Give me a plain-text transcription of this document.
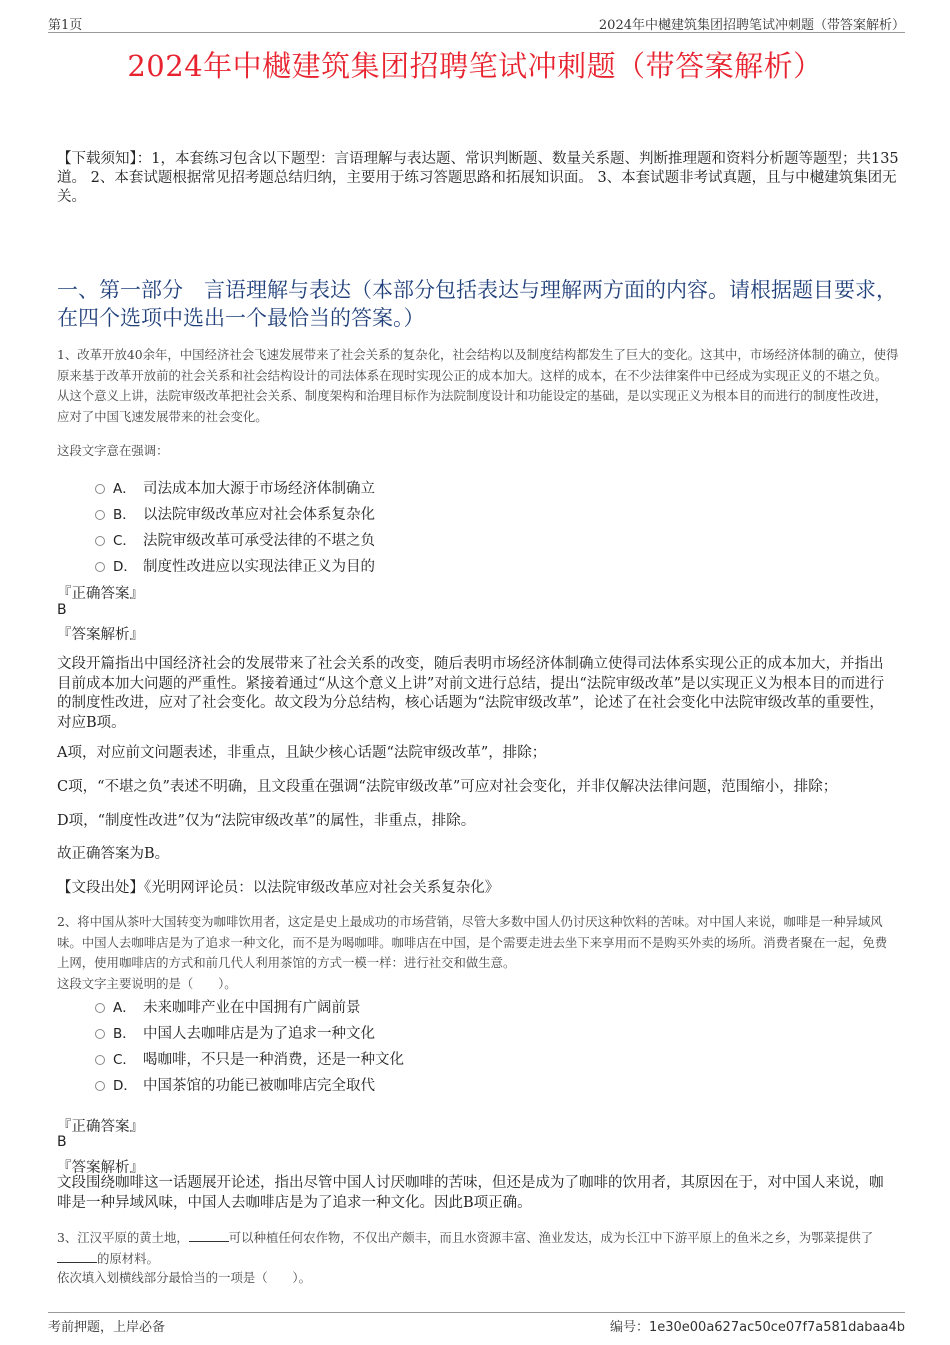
第1页	2024年中樾建筑集团招聘笔试冲刺题（带答案解析）
2024年中樾建筑集团招聘笔试冲刺题（带答案解析）
【下载须知】：1，本套练习包含以下题型：言语理解与表达题、常识判断题、数量关系题、判断推理题和资料分析题等题型；共135道。 2、本套试题根据常见招考题总结归纳，主要用于练习答题思路和拓展知识面。 3、本套试题非考试真题，且与中樾建筑集团无关。
一、第一部分　言语理解与表达（本部分包括表达与理解两方面的内容。请根据题目要求，在四个选项中选出一个最恰当的答案。）
1、改革开放40余年，中国经济社会飞速发展带来了社会关系的复杂化，社会结构以及制度结构都发生了巨大的变化。这其中，市场经济体制的确立，使得原来基于改革开放前的社会关系和社会结构设计的司法体系在现时实现公正的成本加大。这样的成本，在不少法律案件中已经成为实现正义的不堪之负。从这个意义上讲，法院审级改革把社会关系、制度架构和治理目标作为法院制度设计和功能设定的基础，是以实现正义为根本目的而进行的制度性改进，应对了中国飞速发展带来的社会变化。
这段文字意在强调：
A． 司法成本加大源于市场经济体制确立
B． 以法院审级改革应对社会体系复杂化
C． 法院审级改革可承受法律的不堪之负
D． 制度性改进应以实现法律正义为目的
『正确答案』
B
『答案解析』
文段开篇指出中国经济社会的发展带来了社会关系的改变，随后表明市场经济体制确立使得司法体系实现公正的成本加大，并指出目前成本加大问题的严重性。紧接着通过“从这个意义上讲”对前文进行总结，提出“法院审级改革”是以实现正义为根本目的而进行的制度性改进，应对了社会变化。故文段为分总结构，核心话题为“法院审级改革”，论述了在社会变化中法院审级改革的重要性，对应B项。
A项，对应前文问题表述，非重点，且缺少核心话题“法院审级改革”，排除；
C项，“不堪之负”表述不明确，且文段重在强调“法院审级改革”可应对社会变化，并非仅解决法律问题，范围缩小，排除；
D项，“制度性改进”仅为“法院审级改革”的属性，非重点，排除。
故正确答案为B。
【文段出处】《光明网评论员：以法院审级改革应对社会关系复杂化》
2、将中国从茶叶大国转变为咖啡饮用者，这定是史上最成功的市场营销，尽管大多数中国人仍讨厌这种饮料的苦味。对中国人来说，咖啡是一种异域风味。中国人去咖啡店是为了追求一种文化，而不是为喝咖啡。咖啡店在中国，是个需要走进去坐下来享用而不是购买外卖的场所。消费者聚在一起，免费上网，使用咖啡店的方式和前几代人利用茶馆的方式一模一样：进行社交和做生意。
这段文字主要说明的是（　　）。
A． 未来咖啡产业在中国拥有广阔前景
B． 中国人去咖啡店是为了追求一种文化
C． 喝咖啡，不只是一种消费，还是一种文化
D． 中国茶馆的功能已被咖啡店完全取代
『正确答案』
B
『答案解析』
文段围绕咖啡这一话题展开论述，指出尽管中国人讨厌咖啡的苦味，但还是成为了咖啡的饮用者，其原因在于，对中国人来说，咖啡是一种异域风味，中国人去咖啡店是为了追求一种文化。因此B项正确。
3、江汉平原的黄土地，	可以种植任何农作物，不仅出产颇丰，而且水资源丰富、渔业发达，成为长江中下游平原上的鱼米之乡，为鄂菜提供了的原材料。
依次填入划横线部分最恰当的一项是（　　）。
考前押题，上岸必备	编号：1e30e00a627ac50ce07f7a581dabaa4b
